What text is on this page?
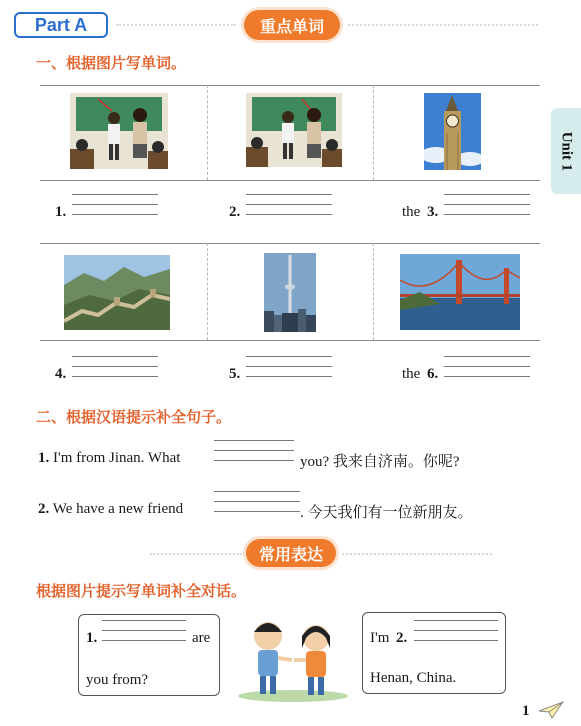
Part A	重点单词
Unit 1
一、根据图片写单词。
1.	2.	the 3.
4.	5.	the 6.
二、根据汉语提示补全句子。
1. I'm from Jinan. What	you? 我来自济南。你呢?
2. We have a new friend	. 今天我们有一位新朋友。
常用表达
根据图片提示写单词补全对话。
1.	are
you from?
I'm 2.
Henan, China.
1
